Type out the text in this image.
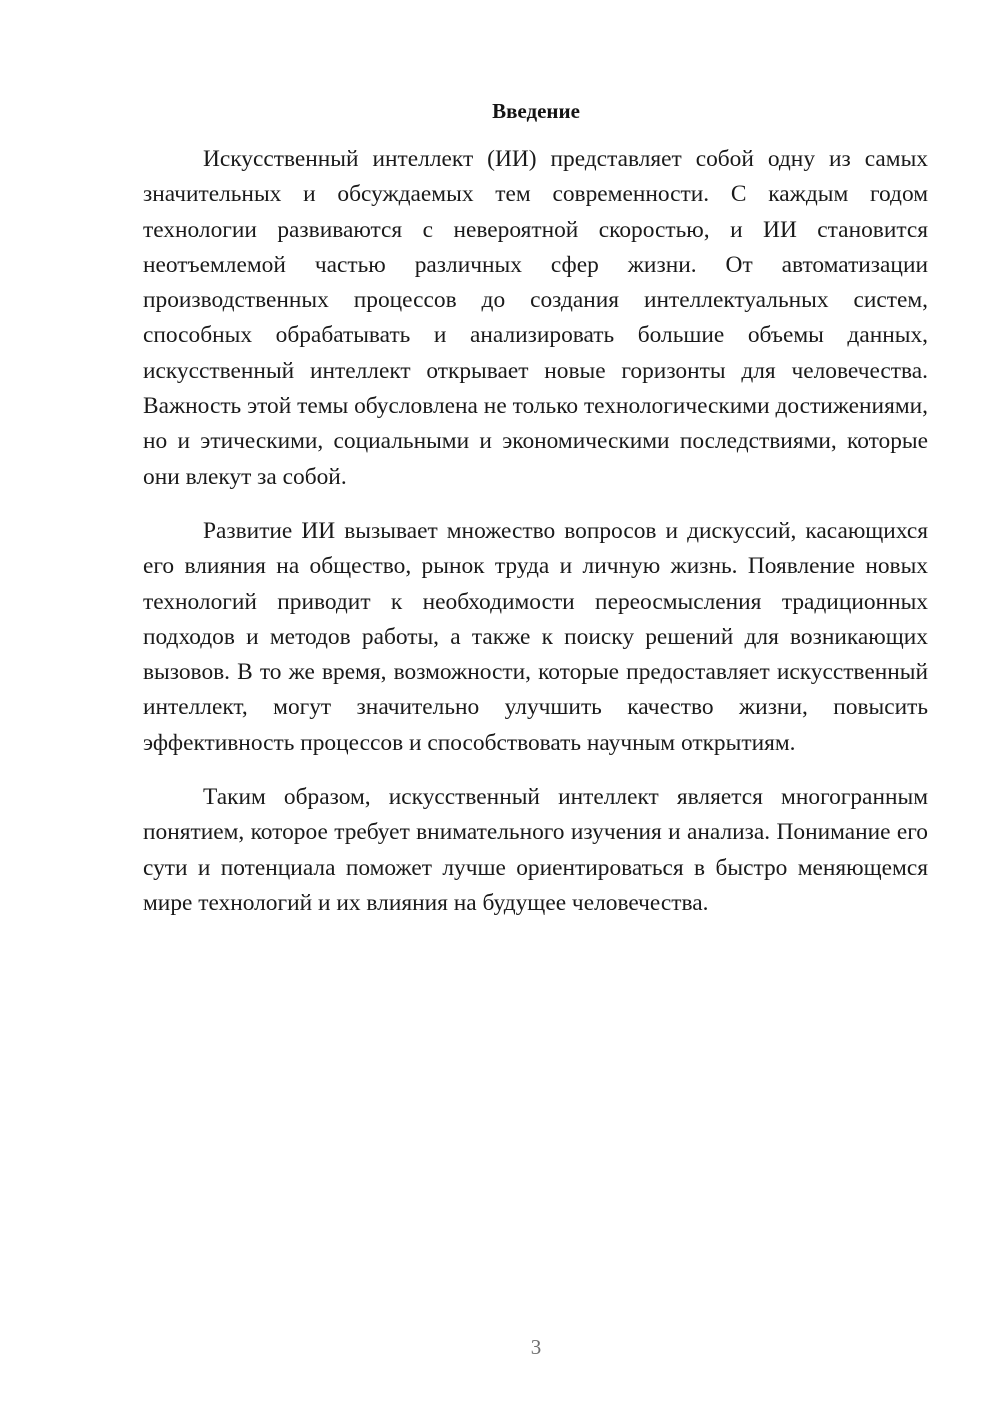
Введение

Искусственный интеллект (ИИ) представляет собой одну из самых значительных и обсуждаемых тем современности. С каждым годом технологии развиваются с невероятной скоростью, и ИИ становится неотъемлемой частью различных сфер жизни. От автоматизации производственных процессов до создания интеллектуальных систем, способных обрабатывать и анализировать большие объемы данных, искусственный интеллект открывает новые горизонты для человечества. Важность этой темы обусловлена не только технологическими достижениями, но и этическими, социальными и экономическими последствиями, которые они влекут за собой.

Развитие ИИ вызывает множество вопросов и дискуссий, касающихся его влияния на общество, рынок труда и личную жизнь. Появление новых технологий приводит к необходимости переосмысления традиционных подходов и методов работы, а также к поиску решений для возникающих вызовов. В то же время, возможности, которые предоставляет искусственный интеллект, могут значительно улучшить качество жизни, повысить эффективность процессов и способствовать научным открытиям.

Таким образом, искусственный интеллект является многогранным понятием, которое требует внимательного изучения и анализа. Понимание его сути и потенциала поможет лучше ориентироваться в быстро меняющемся мире технологий и их влияния на будущее человечества.

3
